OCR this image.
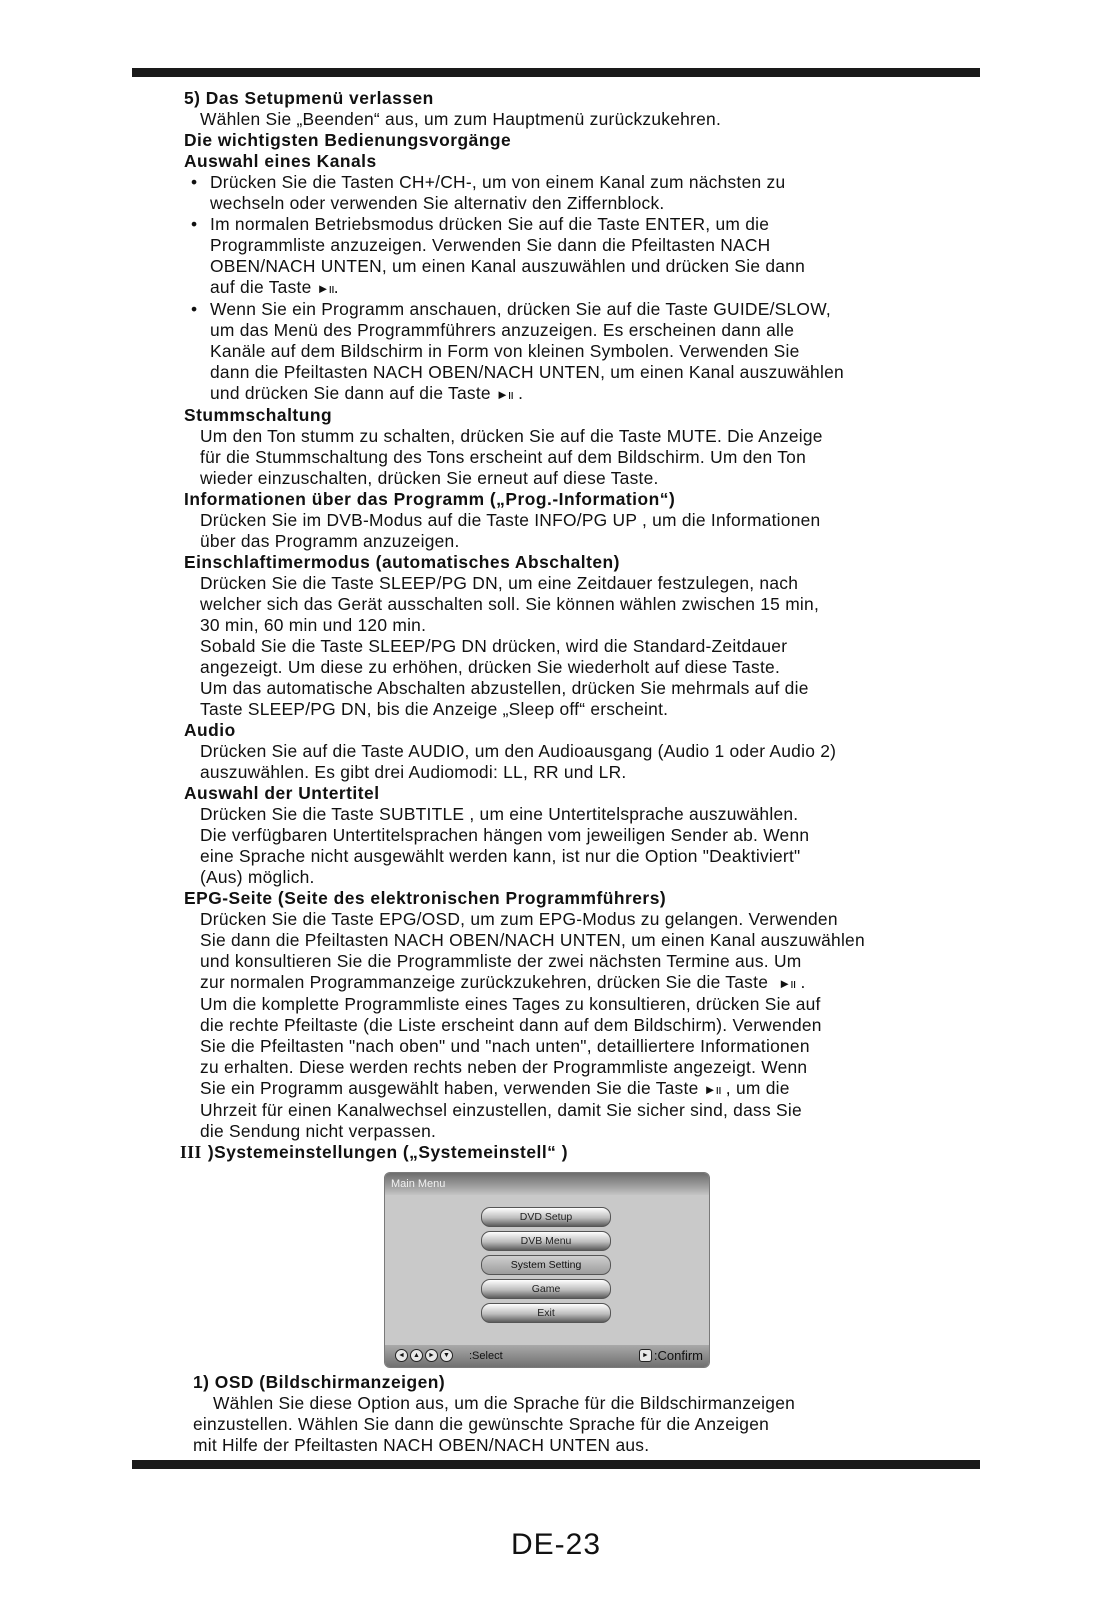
5) Das Setupmenü verlassen
Wählen Sie „Beenden“ aus, um zum Hauptmenü zurückzukehren.
Die wichtigsten Bedienungsvorgänge
Auswahl eines Kanals
• Drücken Sie die Tasten CH+/CH-, um von einem Kanal zum nächsten zu
wechseln oder verwenden Sie alternativ den Ziffernblock.
• Im normalen Betriebsmodus drücken Sie auf die Taste ENTER, um die
Programmliste anzuzeigen. Verwenden Sie dann die Pfeiltasten NACH
OBEN/NACH UNTEN, um einen Kanal auszuwählen und drücken Sie dann
auf die Taste ►ıı.
• Wenn Sie ein Programm anschauen, drücken Sie auf die Taste GUIDE/SLOW,
um das Menü des Programmführers anzuzeigen. Es erscheinen dann alle
Kanäle auf dem Bildschirm in Form von kleinen Symbolen. Verwenden Sie
dann die Pfeiltasten NACH OBEN/NACH UNTEN, um einen Kanal auszuwählen
und drücken Sie dann auf die Taste ►ıı .
Stummschaltung
Um den Ton stumm zu schalten, drücken Sie auf die Taste MUTE. Die Anzeige
für die Stummschaltung des Tons erscheint auf dem Bildschirm. Um den Ton
wieder einzuschalten, drücken Sie erneut auf diese Taste.
Informationen über das Programm („Prog.-Information“)
Drücken Sie im DVB-Modus auf die Taste INFO/PG UP , um die Informationen
über das Programm anzuzeigen.
Einschlaftimermodus (automatisches Abschalten)
Drücken Sie die Taste SLEEP/PG DN, um eine Zeitdauer festzulegen, nach
welcher sich das Gerät ausschalten soll. Sie können wählen zwischen 15 min,
30 min, 60 min und 120 min.
Sobald Sie die Taste SLEEP/PG DN drücken, wird die Standard-Zeitdauer
angezeigt. Um diese zu erhöhen, drücken Sie wiederholt auf diese Taste.
Um das automatische Abschalten abzustellen, drücken Sie mehrmals auf die
Taste SLEEP/PG DN, bis die Anzeige „Sleep off“ erscheint.
Audio
Drücken Sie auf die Taste AUDIO, um den Audioausgang (Audio 1 oder Audio 2)
auszuwählen. Es gibt drei Audiomodi: LL, RR und LR.
Auswahl der Untertitel
Drücken Sie die Taste SUBTITLE , um eine Untertitelsprache auszuwählen.
Die verfügbaren Untertitelsprachen hängen vom jeweiligen Sender ab. Wenn
eine Sprache nicht ausgewählt werden kann, ist nur die Option "Deaktiviert"
(Aus) möglich.
EPG-Seite (Seite des elektronischen Programmführers)
Drücken Sie die Taste EPG/OSD, um zum EPG-Modus zu gelangen. Verwenden
Sie dann die Pfeiltasten NACH OBEN/NACH UNTEN, um einen Kanal auszuwählen
und konsultieren Sie die Programmliste der zwei nächsten Termine aus. Um
zur normalen Programmanzeige zurückzukehren, drücken Sie die Taste ►ıı .
Um die komplette Programmliste eines Tages zu konsultieren, drücken Sie auf
die rechte Pfeiltaste (die Liste erscheint dann auf dem Bildschirm). Verwenden
Sie die Pfeiltasten "nach oben" und "nach unten", detailliertere Informationen
zu erhalten. Diese werden rechts neben der Programmliste angezeigt. Wenn
Sie ein Programm ausgewählt haben, verwenden Sie die Taste ►ıı , um die
Uhrzeit für einen Kanalwechsel einzustellen, damit Sie sicher sind, dass Sie
die Sendung nicht verpassen.
III )Systemeinstellungen („Systemeinstell“ )
Main Menu
DVD Setup
DVB Menu
System Setting
Game
Exit
◄	▲	►	▼ :Select	► :Confirm
1) OSD (Bildschirmanzeigen)
Wählen Sie diese Option aus, um die Sprache für die Bildschirmanzeigen
einzustellen. Wählen Sie dann die gewünschte Sprache für die Anzeigen
mit Hilfe der Pfeiltasten NACH OBEN/NACH UNTEN aus.
DE-23
